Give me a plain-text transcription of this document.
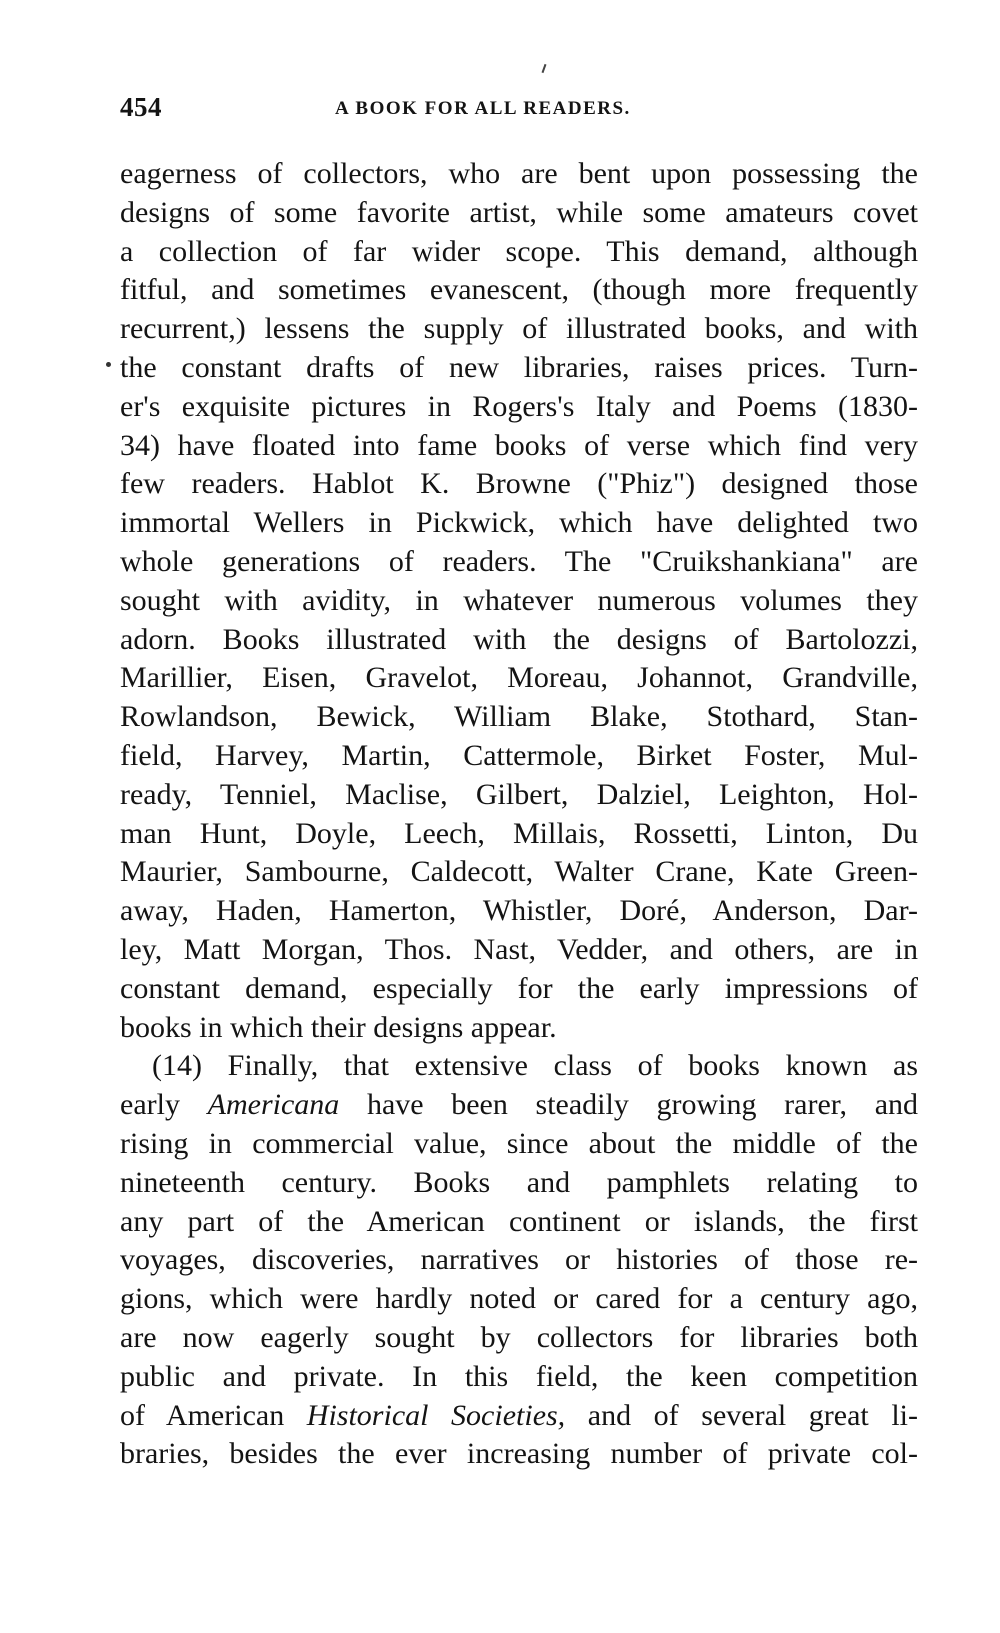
454	A BOOK FOR ALL READERS.
eagerness of collectors, who are bent upon possessing the
designs of some favorite artist, while some amateurs covet
a collection of far wider scope. This demand, although
fitful, and sometimes evanescent, (though more frequently
recurrent,) lessens the supply of illustrated books, and with
the constant drafts of new libraries, raises prices. Turn-
er's exquisite pictures in Rogers's Italy and Poems (1830-
34) have floated into fame books of verse which find very
few readers. Hablot K. Browne ("Phiz") designed those
immortal Wellers in Pickwick, which have delighted two
whole generations of readers. The "Cruikshankiana" are
sought with avidity, in whatever numerous volumes they
adorn. Books illustrated with the designs of Bartolozzi,
Marillier, Eisen, Gravelot, Moreau, Johannot, Grandville,
Rowlandson, Bewick, William Blake, Stothard, Stan-
field, Harvey, Martin, Cattermole, Birket Foster, Mul-
ready, Tenniel, Maclise, Gilbert, Dalziel, Leighton, Hol-
man Hunt, Doyle, Leech, Millais, Rossetti, Linton, Du
Maurier, Sambourne, Caldecott, Walter Crane, Kate Green-
away, Haden, Hamerton, Whistler, Doré, Anderson, Dar-
ley, Matt Morgan, Thos. Nast, Vedder, and others, are in
constant demand, especially for the early impressions of
books in which their designs appear.
(14) Finally, that extensive class of books known as
early Americana have been steadily growing rarer, and
rising in commercial value, since about the middle of the
nineteenth century. Books and pamphlets relating to
any part of the American continent or islands, the first
voyages, discoveries, narratives or histories of those re-
gions, which were hardly noted or cared for a century ago,
are now eagerly sought by collectors for libraries both
public and private. In this field, the keen competition
of American Historical Societies, and of several great li-
braries, besides the ever increasing number of private col-
